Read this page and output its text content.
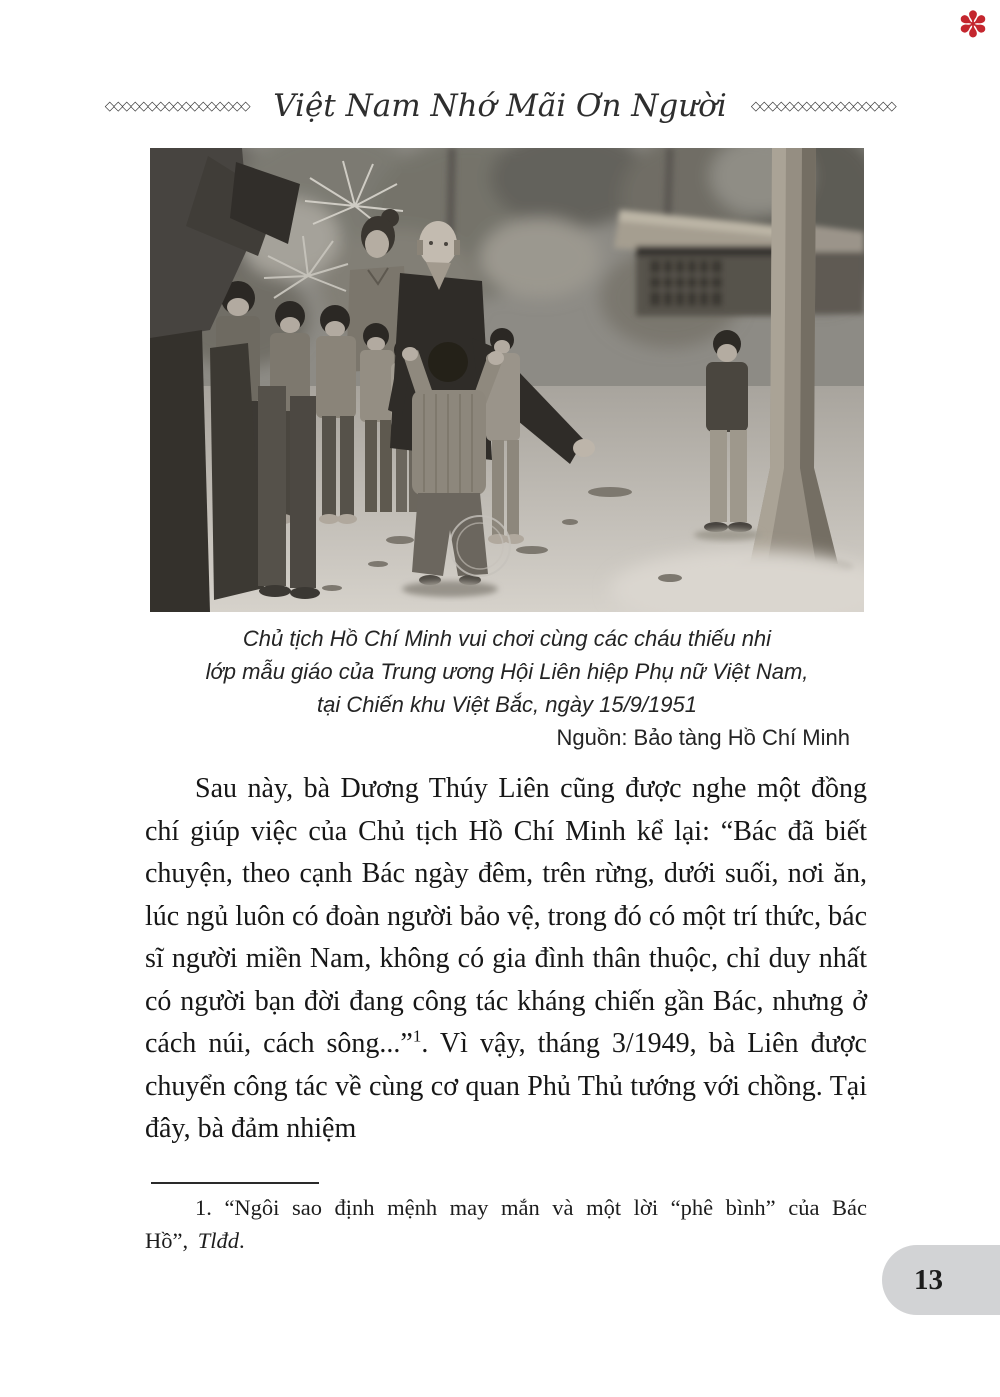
✽
◇◇◇◇◇◇◇◇◇◇◇◇◇◇◇◇◇ Việt Nam Nhớ Mãi Ơn Người ◇◇◇◇◇◇◇◇◇◇◇◇◇◇◇◇◇
Chủ tịch Hồ Chí Minh vui chơi cùng các cháu thiếu nhi
lớp mẫu giáo của Trung ương Hội Liên hiệp Phụ nữ Việt Nam,
tại Chiến khu Việt Bắc, ngày 15/9/1951
Nguồn: Bảo tàng Hồ Chí Minh

Sau này, bà Dương Thúy Liên cũng được nghe một đồng chí giúp việc của Chủ tịch Hồ Chí Minh kể lại: “Bác đã biết chuyện, theo cạnh Bác ngày đêm, trên rừng, dưới suối, nơi ăn, lúc ngủ luôn có đoàn người bảo vệ, trong đó có một trí thức, bác sĩ người miền Nam, không có gia đình thân thuộc, chỉ duy nhất có người bạn đời đang công tác kháng chiến gần Bác, nhưng ở cách núi, cách sông...”$^1$. Vì vậy, tháng 3/1949, bà Liên được chuyển công tác về cùng cơ quan Phủ Thủ tướng với chồng. Tại đây, bà đảm nhiệm

1. “Ngôi sao định mệnh may mắn và một lời “phê bình” của Bác Hồ”, Tlđd.

13
